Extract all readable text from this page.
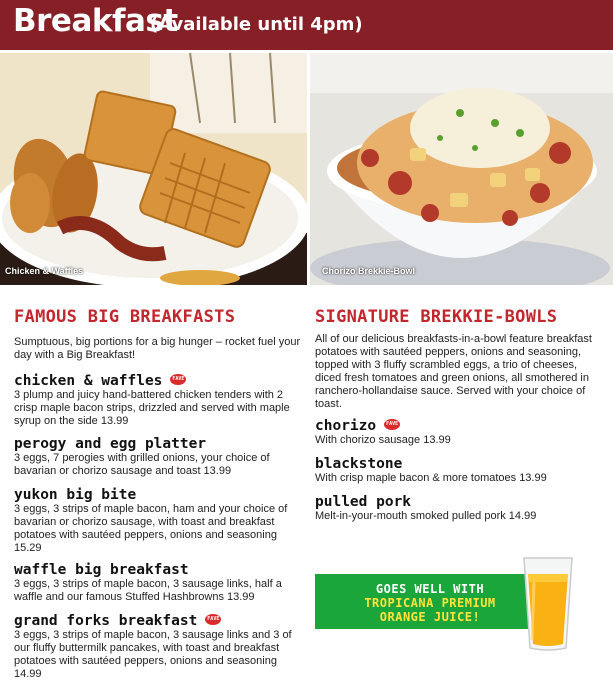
Breakfast
(Available until 4pm)
Chicken & Waffles	Chorizo Brekkie-Bowl
FAMOUS BIG BREAKFASTS
Sumptuous, big portions for a big hunger – rocket fuel your day with a Big Breakfast!
chicken & waffles FAVE
3 plump and juicy hand-battered chicken tenders with 2 crisp maple bacon strips, drizzled and served with maple syrup on the side 13.99
perogy and egg platter
3 eggs, 7 perogies with grilled onions, your choice of bavarian or chorizo sausage and toast 13.99
yukon big bite
3 eggs, 3 strips of maple bacon, ham and your choice of bavarian or chorizo sausage, with toast and breakfast potatoes with sautéed peppers, onions and seasoning 15.29
waffle big breakfast
3 eggs, 3 strips of maple bacon, 3 sausage links, half a waffle and our famous Stuffed Hashbrowns 13.99
grand forks breakfast FAVE
3 eggs, 3 strips of maple bacon, 3 sausage links and 3 of our fluffy buttermilk pancakes, with toast and breakfast potatoes with sautéed peppers, onions and seasoning 14.99
SIGNATURE BREKKIE-BOWLS
All of our delicious breakfasts-in-a-bowl feature breakfast potatoes with sautéed peppers, onions and seasoning, topped with 3 fluffy scrambled eggs, a trio of cheeses, diced fresh tomatoes and green onions, all smothered in ranchero-hollandaise sauce. Served with your choice of toast.
chorizo FAVE
With chorizo sausage 13.99
blackstone
With crisp maple bacon & more tomatoes 13.99
pulled pork
Melt-in-your-mouth smoked pulled pork 14.99
GOES WELL WITH
TROPICANA PREMIUM
ORANGE JUICE!
